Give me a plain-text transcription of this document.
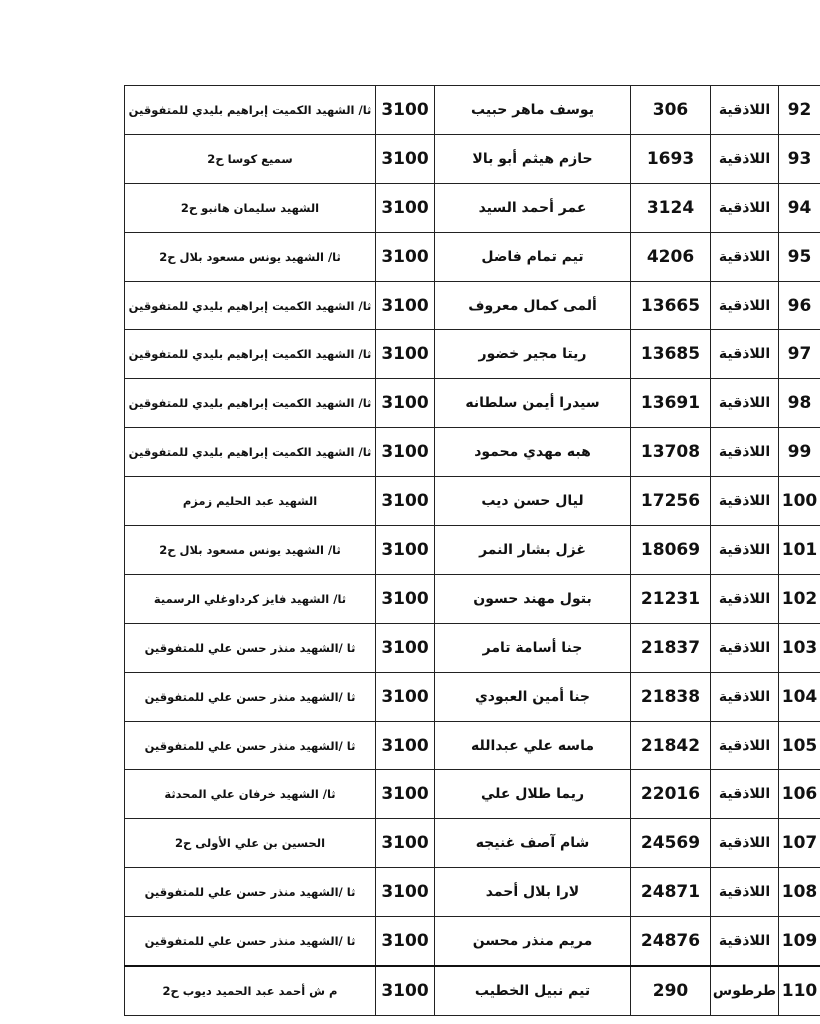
ثا/ الشهيد الكميت إبراهيم بليدي للمتفوقين	3100	يوسف ماهر حبيب	306	اللاذقية	92
سميع كوسا ح2	3100	حازم هيثم أبو بالا	1693	اللاذقية	93
الشهيد سليمان هانبو ح2	3100	عمر أحمد السيد	3124	اللاذقية	94
ثا/ الشهيد يونس مسعود بلال ح2	3100	تيم تمام فاضل	4206	اللاذقية	95
ثا/ الشهيد الكميت إبراهيم بليدي للمتفوقين	3100	ألمى كمال معروف	13665	اللاذقية	96
ثا/ الشهيد الكميت إبراهيم بليدي للمتفوقين	3100	ريتا مجير خضور	13685	اللاذقية	97
ثا/ الشهيد الكميت إبراهيم بليدي للمتفوقين	3100	سيدرا أيمن سلطانه	13691	اللاذقية	98
ثا/ الشهيد الكميت إبراهيم بليدي للمتفوقين	3100	هبه مهدي محمود	13708	اللاذقية	99
الشهيد عبد الحليم زمزم	3100	ليال حسن ديب	17256	اللاذقية	100
ثا/ الشهيد يونس مسعود بلال ح2	3100	غزل بشار النمر	18069	اللاذقية	101
ثا/ الشهيد فايز كرداوغلي الرسمية	3100	بتول مهند حسون	21231	اللاذقية	102
ثا /الشهيد منذر حسن علي للمتفوقين	3100	جنا أسامة تامر	21837	اللاذقية	103
ثا /الشهيد منذر حسن علي للمتفوقين	3100	جنا أمين العبودي	21838	اللاذقية	104
ثا /الشهيد منذر حسن علي للمتفوقين	3100	ماسه علي عبدالله	21842	اللاذقية	105
ثا/ الشهيد خرفان علي المحدثة	3100	ريما طلال علي	22016	اللاذقية	106
الحسين بن علي الأولى ح2	3100	شام آصف غنيجه	24569	اللاذقية	107
ثا /الشهيد منذر حسن علي للمتفوقين	3100	لارا بلال أحمد	24871	اللاذقية	108
ثا /الشهيد منذر حسن علي للمتفوقين	3100	مريم منذر محسن	24876	اللاذقية	109
م ش أحمد عبد الحميد ديوب ح2	3100	تيم نبيل الخطيب	290	طرطوس	110
